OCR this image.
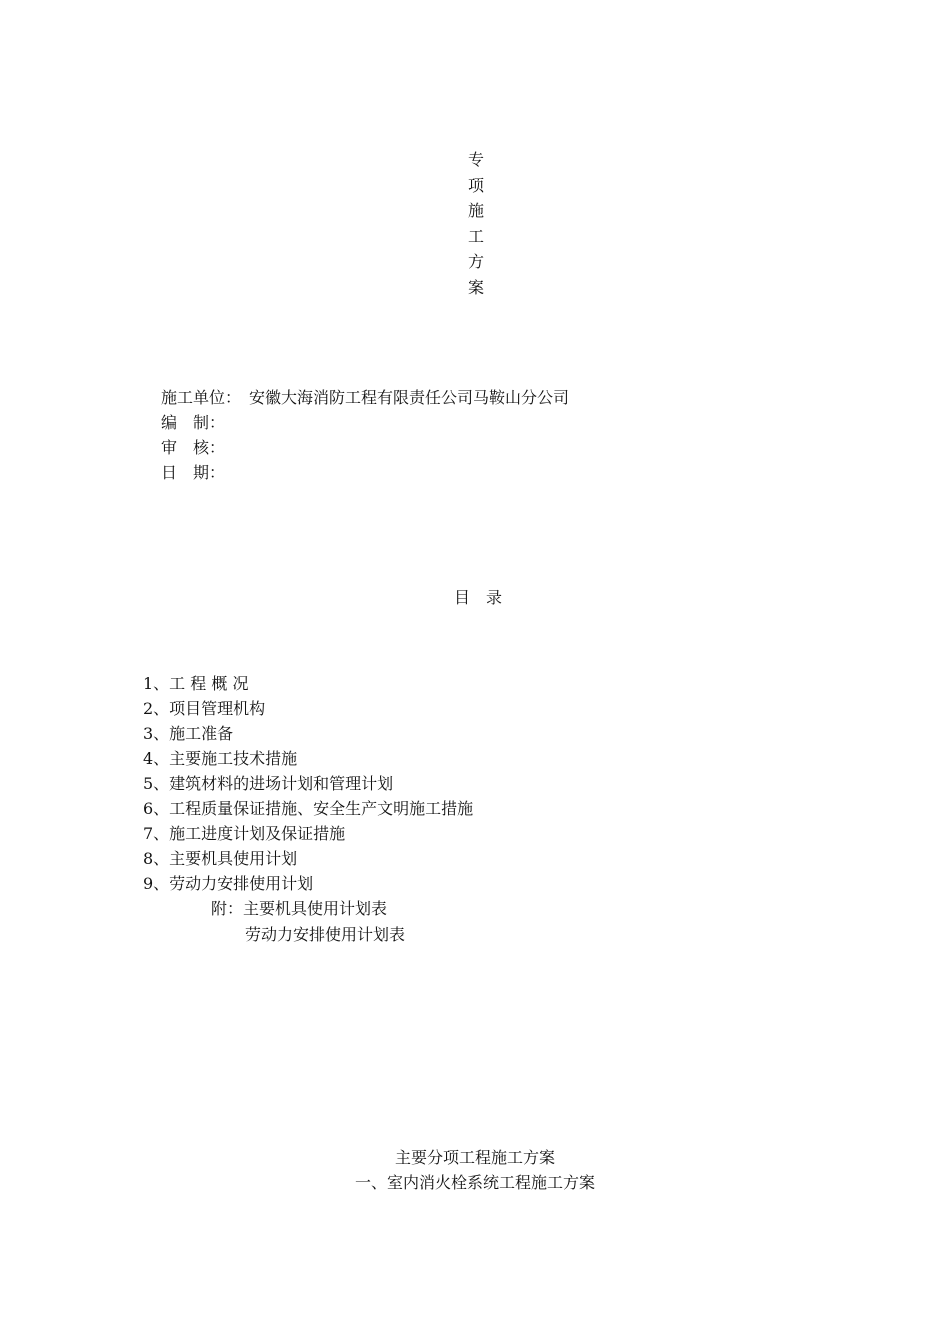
专
项
施
工
方
案
施工单位： 安徽大海消防工程有限责任公司马鞍山分公司
编　制：
审　核：
日　期：
目　录
1、工 程 概 况
2、项目管理机构
3、施工准备
4、主要施工技术措施
5、建筑材料的进场计划和管理计划
6、工程质量保证措施、安全生产文明施工措施
7、施工进度计划及保证措施
8、主要机具使用计划
9、劳动力安排使用计划
附：主要机具使用计划表
劳动力安排使用计划表
主要分项工程施工方案
一、室内消火栓系统工程施工方案
